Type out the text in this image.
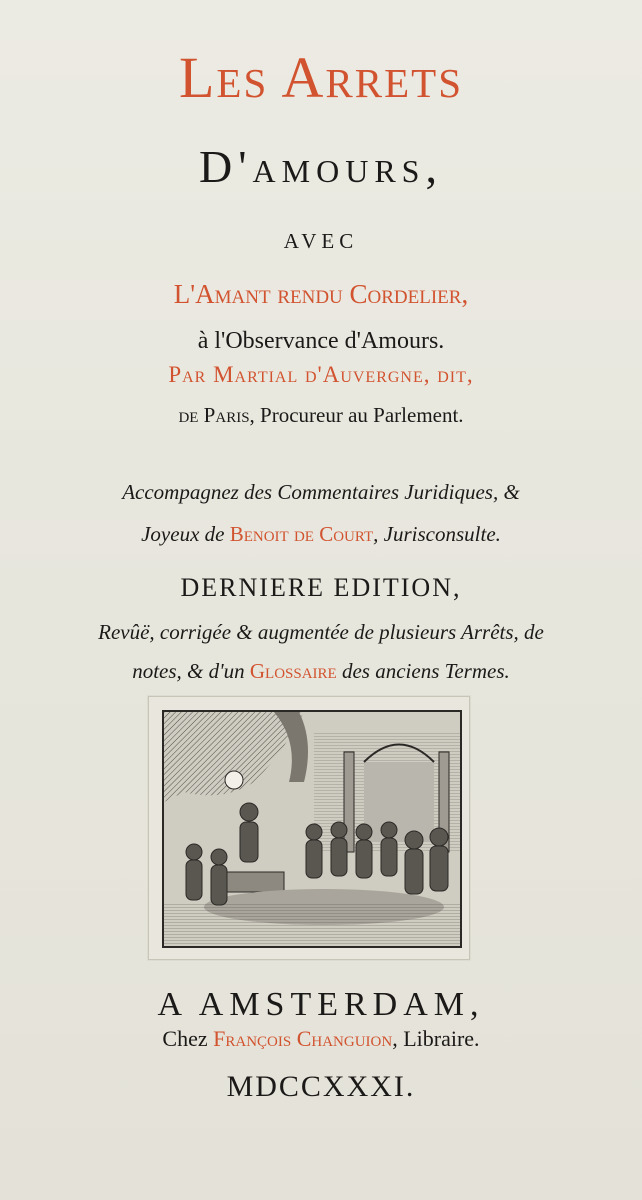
Les Arrets
D'amours,
avec
L'Amant rendu Cordelier,
à l'Observance d'Amours.
Par Martial d'Auvergne, dit,
de Paris, Procureur au Parlement.
Accompagnez des Commentaires Juridiques, &
Joyeux de Benoit de Court, Jurisconsulte.
DERNIERE EDITION,
Revûë, corrigée & augmentée de plusieurs Arrêts, de
notes, & d'un Glossaire des anciens Termes.
A AMSTERDAM,
Chez François Changuion, Libraire.
MDCCXXXI.
